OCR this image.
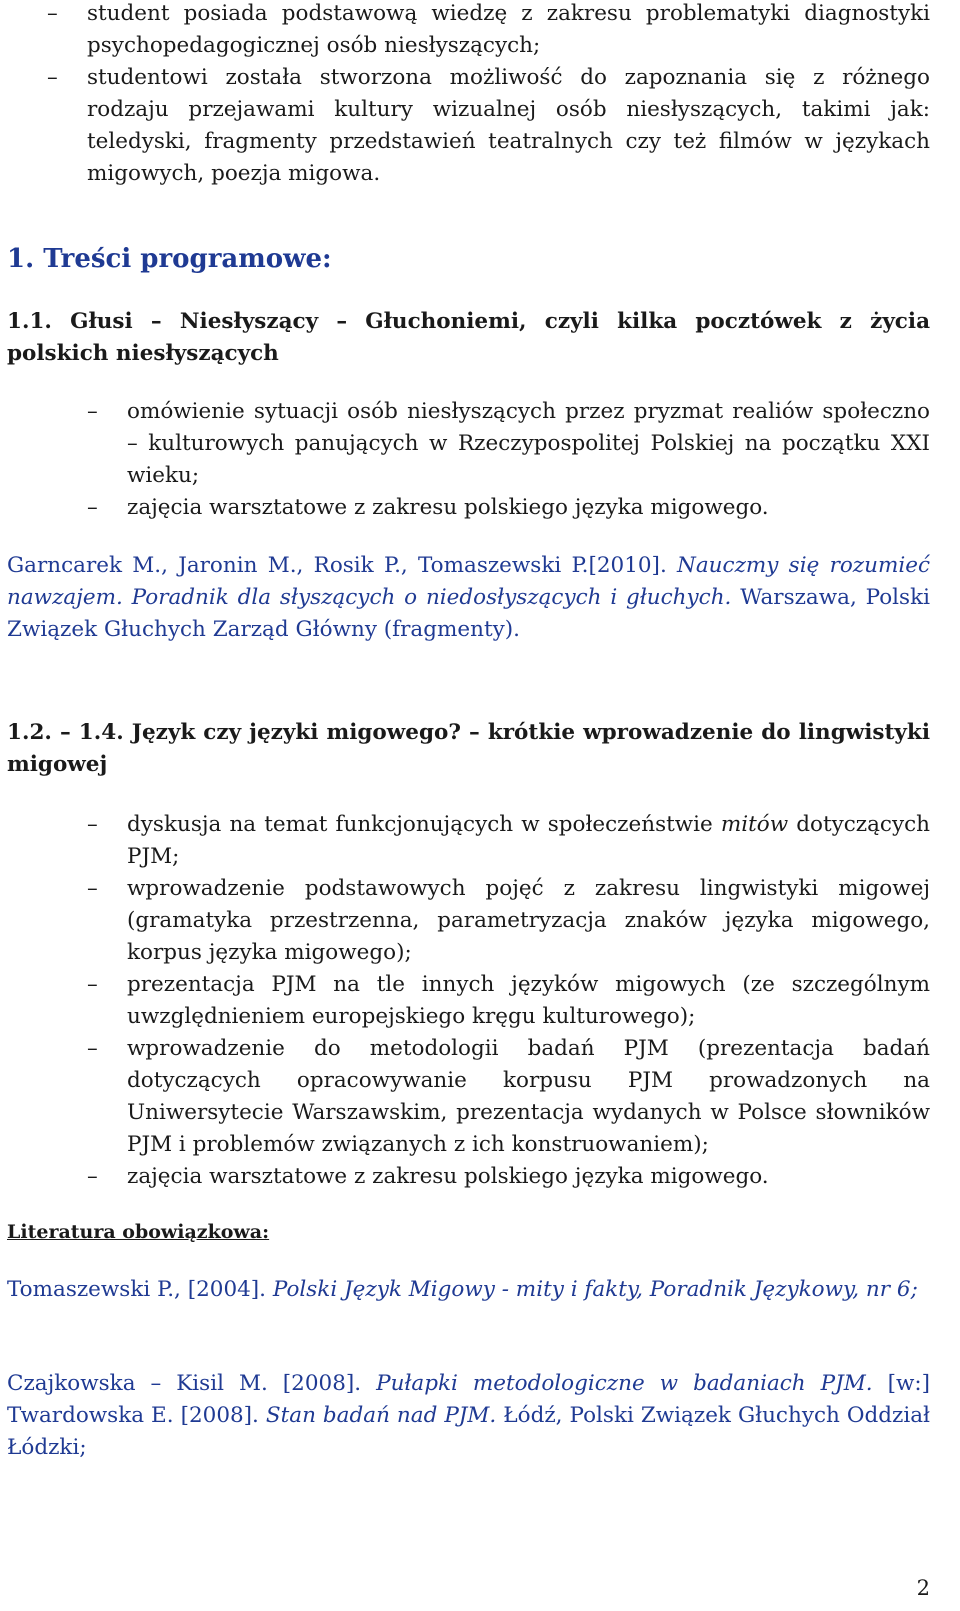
– student posiada podstawową wiedzę z zakresu problematyki diagnostyki psychopedagogicznej osób niesłyszących;
– studentowi została stworzona możliwość do zapoznania się z różnego rodzaju przejawami kultury wizualnej osób niesłyszących, takimi jak: teledyski, fragmenty przedstawień teatralnych czy też filmów w językach migowych, poezja migowa.
1. Treści programowe:
1.1. Głusi – Niesłyszący – Głuchoniemi, czyli kilka pocztówek z życia polskich niesłyszących
– omówienie sytuacji osób niesłyszących przez pryzmat realiów społeczno – kulturowych panujących w Rzeczypospolitej Polskiej na początku XXI wieku;
– zajęcia warsztatowe z zakresu polskiego języka migowego.
Garncarek M., Jaronin M., Rosik P., Tomaszewski P.[2010]. Nauczmy się rozumieć nawzajem. Poradnik dla słyszących o niedosłyszących i głuchych. Warszawa, Polski Związek Głuchych Zarząd Główny (fragmenty).
1.2. – 1.4. Język czy języki migowego? – krótkie wprowadzenie do lingwistyki migowej
– dyskusja na temat funkcjonujących w społeczeństwie mitów dotyczących PJM;
– wprowadzenie podstawowych pojęć z zakresu lingwistyki migowej (gramatyka przestrzenna, parametryzacja znaków języka migowego, korpus języka migowego);
– prezentacja PJM na tle innych języków migowych (ze szczególnym uwzględnieniem europejskiego kręgu kulturowego);
– wprowadzenie do metodologii badań PJM (prezentacja badań dotyczących opracowywanie korpusu PJM prowadzonych na Uniwersytecie Warszawskim, prezentacja wydanych w Polsce słowników PJM i problemów związanych z ich konstruowaniem);
– zajęcia warsztatowe z zakresu polskiego języka migowego.
Literatura obowiązkowa:
Tomaszewski P., [2004]. Polski Język Migowy - mity i fakty, Poradnik Językowy, nr 6;
Czajkowska – Kisil M. [2008]. Pułapki metodologiczne w badaniach PJM. [w:] Twardowska E. [2008]. Stan badań nad PJM. Łódź, Polski Związek Głuchych Oddział Łódzki;
2
